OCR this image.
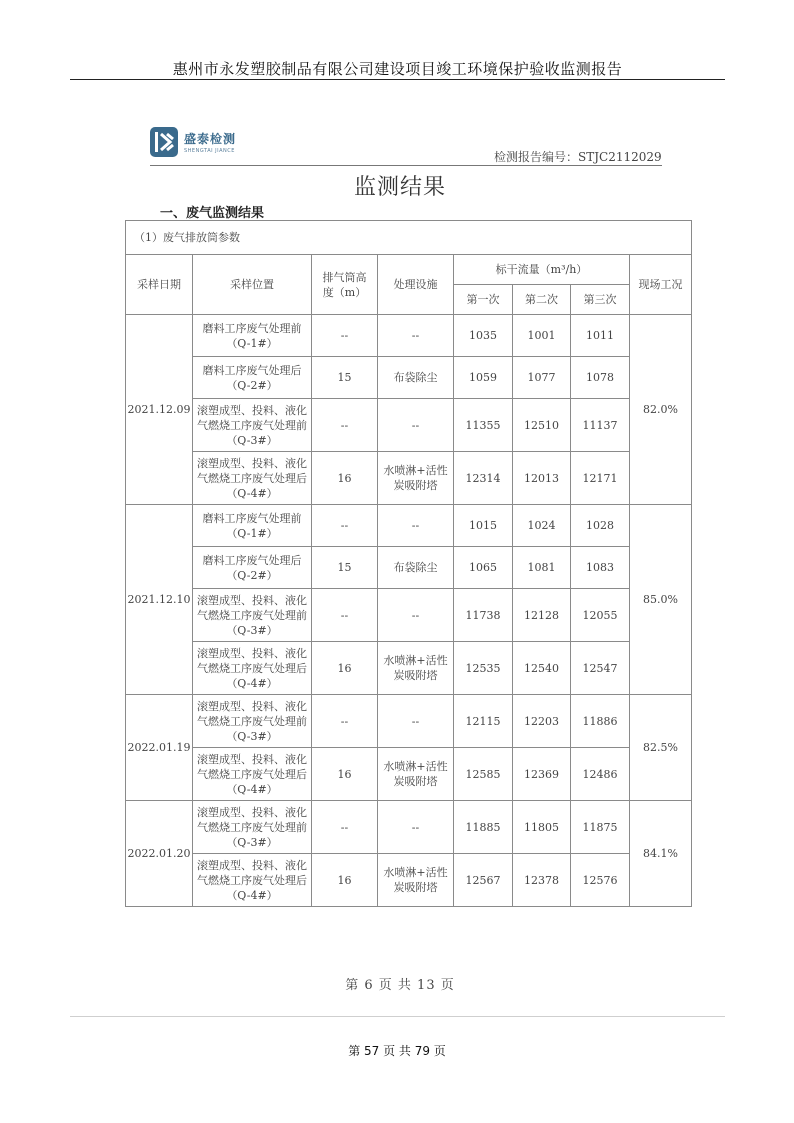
惠州市永发塑胶制品有限公司建设项目竣工环境保护验收监测报告
盛泰检测
SHENGTAI JIANCE	检测报告编号：STJC2112029
监测结果
一、废气监测结果
（1）废气排放筒参数							
采样日期	采样位置	排气筒高度（m）	处理设施	标干流量（m³/h）			现场工况
				第一次	第二次	第三次	
2021.12.09	磨料工序废气处理前（Q-1#）	--	--	1035	1001	1011	82.0%
	磨料工序废气处理后（Q-2#）	15	布袋除尘	1059	1077	1078	
	滚塑成型、投料、液化气燃烧工序废气处理前（Q-3#）	--	--	11355	12510	11137	
	滚塑成型、投料、液化气燃烧工序废气处理后（Q-4#）	16	水喷淋+活性炭吸附塔	12314	12013	12171	
2021.12.10	磨料工序废气处理前（Q-1#）	--	--	1015	1024	1028	85.0%
	磨料工序废气处理后（Q-2#）	15	布袋除尘	1065	1081	1083	
	滚塑成型、投料、液化气燃烧工序废气处理前（Q-3#）	--	--	11738	12128	12055	
	滚塑成型、投料、液化气燃烧工序废气处理后（Q-4#）	16	水喷淋+活性炭吸附塔	12535	12540	12547	
2022.01.19	滚塑成型、投料、液化气燃烧工序废气处理前（Q-3#）	--	--	12115	12203	11886	82.5%
	滚塑成型、投料、液化气燃烧工序废气处理后（Q-4#）	16	水喷淋+活性炭吸附塔	12585	12369	12486	
2022.01.20	滚塑成型、投料、液化气燃烧工序废气处理前（Q-3#）	--	--	11885	11805	11875	84.1%
	滚塑成型、投料、液化气燃烧工序废气处理后（Q-4#）	16	水喷淋+活性炭吸附塔	12567	12378	12576	
第 6 页 共 13 页
第 57 页 共 79 页
